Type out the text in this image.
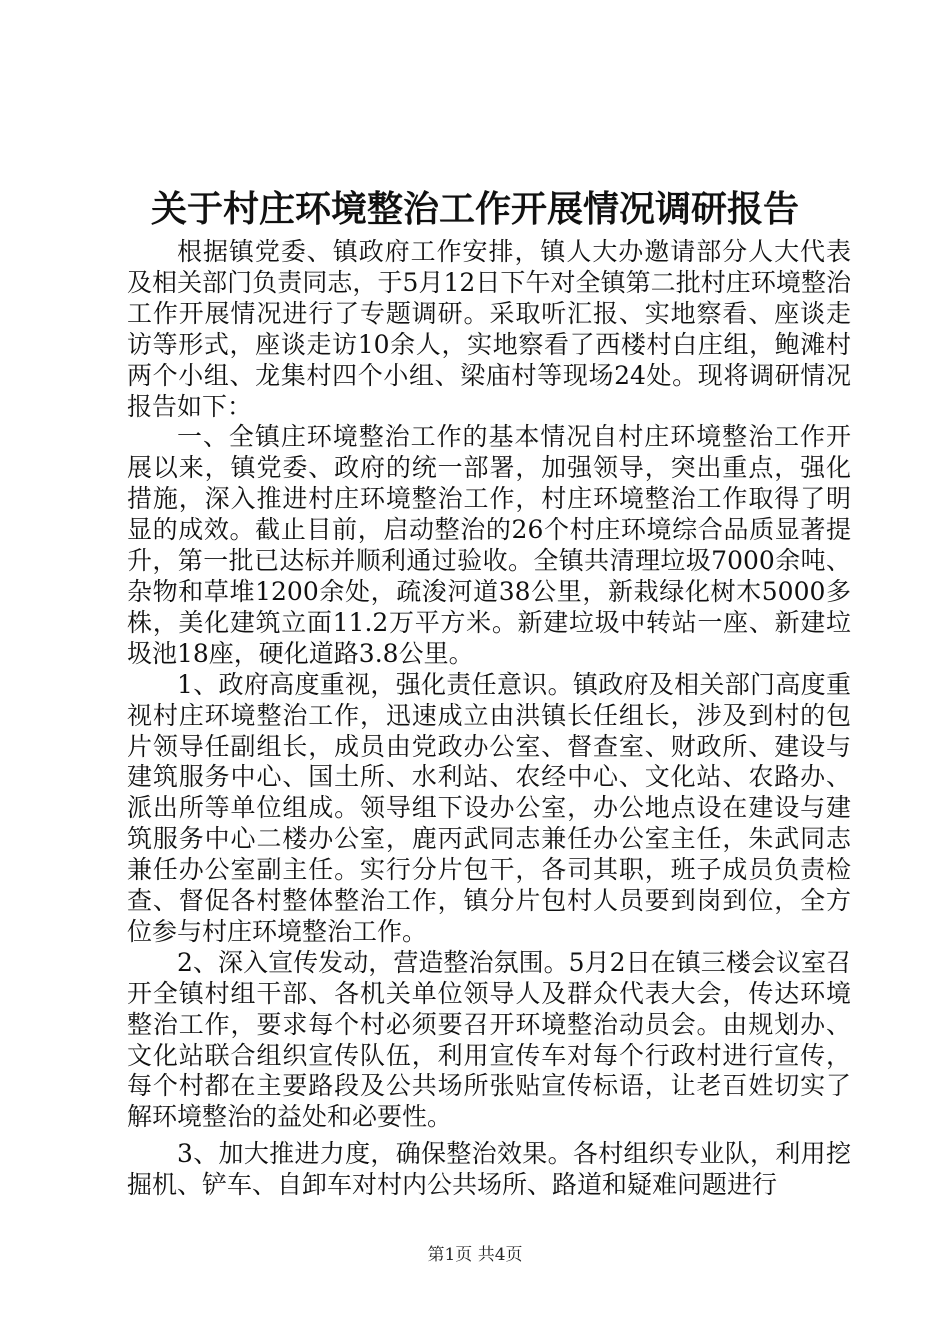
关于村庄环境整治工作开展情况调研报告

根据镇党委、镇政府工作安排，镇人大办邀请部分人大代表及相关部门负责同志，于5月12日下午对全镇第二批村庄环境整治工作开展情况进行了专题调研。采取听汇报、实地察看、座谈走访等形式，座谈走访10余人，实地察看了西楼村白庄组，鲍滩村两个小组、龙集村四个小组、梁庙村等现场24处。现将调研情况报告如下：

一、全镇庄环境整治工作的基本情况自村庄环境整治工作开展以来，镇党委、政府的统一部署，加强领导，突出重点，强化措施，深入推进村庄环境整治工作，村庄环境整治工作取得了明显的成效。截止目前，启动整治的26个村庄环境综合品质显著提升，第一批已达标并顺利通过验收。全镇共清理垃圾7000余吨、杂物和草堆1200余处，疏浚河道38公里，新栽绿化树木5000多株，美化建筑立面11.2万平方米。新建垃圾中转站一座、新建垃圾池18座，硬化道路3.8公里。

1、政府高度重视，强化责任意识。镇政府及相关部门高度重视村庄环境整治工作，迅速成立由洪镇长任组长，涉及到村的包片领导任副组长，成员由党政办公室、督查室、财政所、建设与建筑服务中心、国土所、水利站、农经中心、文化站、农路办、派出所等单位组成。领导组下设办公室，办公地点设在建设与建筑服务中心二楼办公室，鹿丙武同志兼任办公室主任，朱武同志兼任办公室副主任。实行分片包干，各司其职，班子成员负责检查、督促各村整体整治工作，镇分片包村人员要到岗到位，全方位参与村庄环境整治工作。

2、深入宣传发动，营造整治氛围。5月2日在镇三楼会议室召开全镇村组干部、各机关单位领导人及群众代表大会，传达环境整治工作，要求每个村必须要召开环境整治动员会。由规划办、文化站联合组织宣传队伍，利用宣传车对每个行政村进行宣传，每个村都在主要路段及公共场所张贴宣传标语，让老百姓切实了解环境整治的益处和必要性。

3、加大推进力度，确保整治效果。各村组织专业队，利用挖掘机、铲车、自卸车对村内公共场所、路道和疑难问题进行

第1页 共4页
